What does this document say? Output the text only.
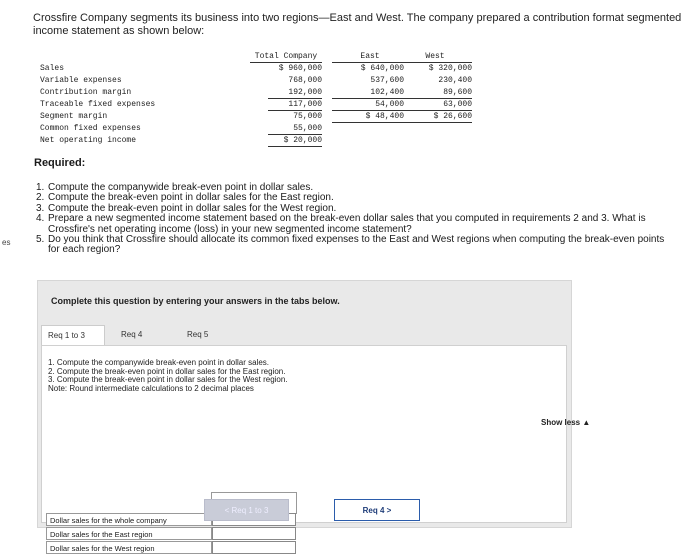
Crossfire Company segments its business into two regions—East and West. The company prepared a contribution format segmented income statement as shown below:
es
Total Company	East	West
Sales	$ 960,000	$ 640,000	$ 320,000
Variable expenses	768,000	537,600	230,400
Contribution margin	192,000	102,400	89,600
Traceable fixed expenses	117,000	54,000	63,000
Segment margin	75,000	$ 48,400	$ 26,600
Common fixed expenses	55,000
Net operating income	$ 20,000
Required:
1. Compute the companywide break-even point in dollar sales.
2. Compute the break-even point in dollar sales for the East region.
3. Compute the break-even point in dollar sales for the West region.
4. Prepare a new segmented income statement based on the break-even dollar sales that you computed in requirements 2 and 3. What is Crossfire's net operating income (loss) in your new segmented income statement?
5. Do you think that Crossfire should allocate its common fixed expenses to the East and West regions when computing the break-even points for each region?
Complete this question by entering your answers in the tabs below.
Req 1 to 3	Req 4	Req 5
1. Compute the companywide break-even point in dollar sales.
2. Compute the break-even point in dollar sales for the East region.
3. Compute the break-even point in dollar sales for the West region.
Note: Round intermediate calculations to 2 decimal places
Dollar sales for the whole company
Dollar sales for the East region
Dollar sales for the West region
< Req 1 to 3	Req 4 >
Show less ▲
